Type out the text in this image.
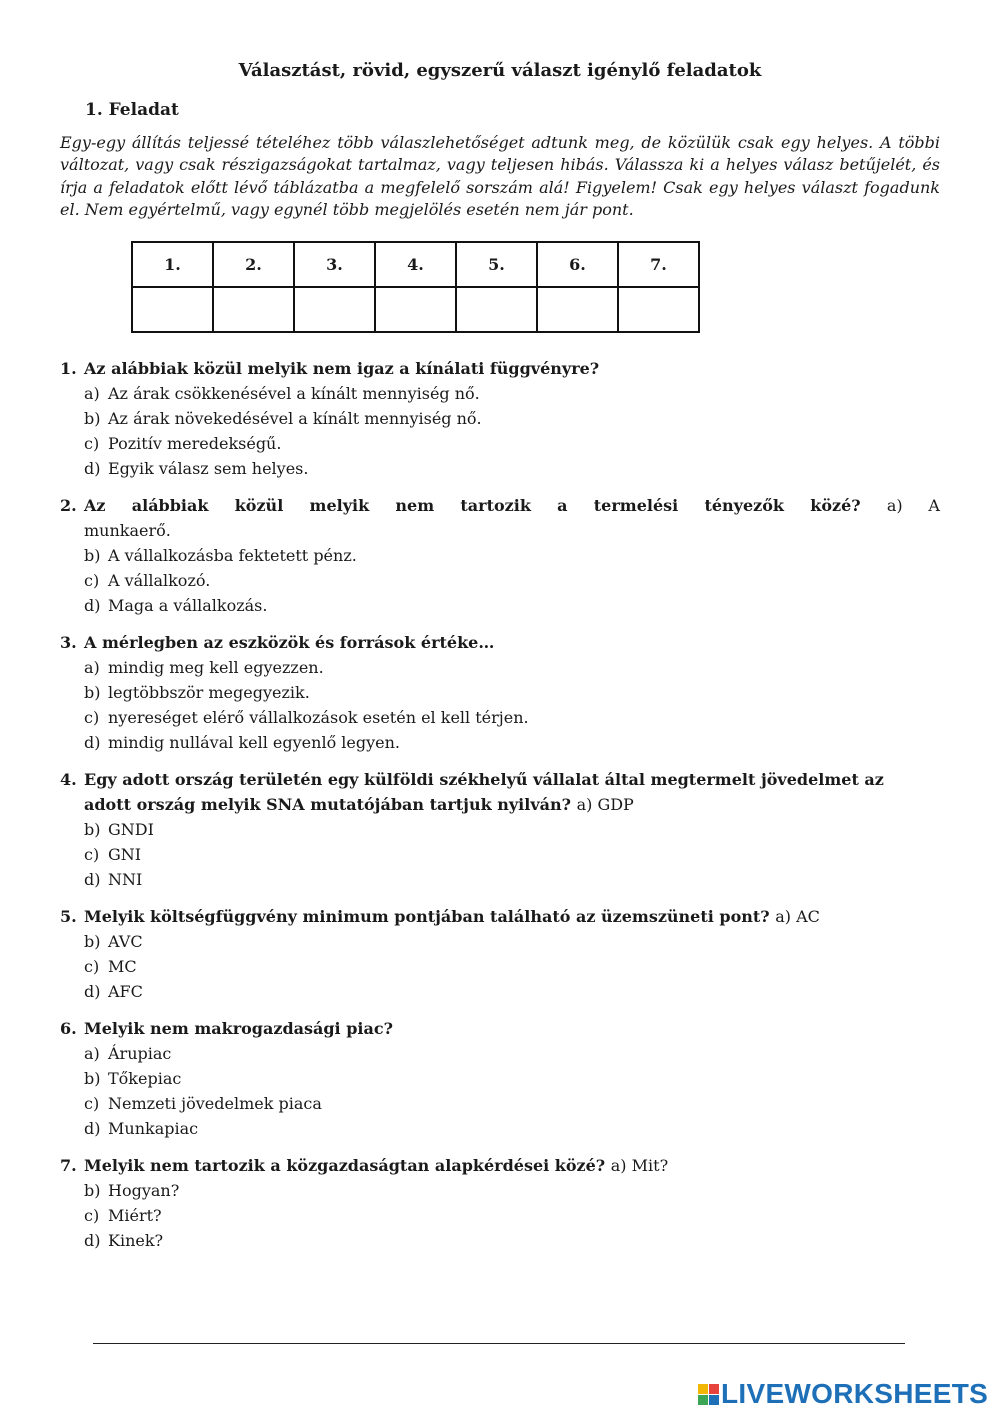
Választást, rövid, egyszerű választ igénylő feladatok
1. Feladat
Egy-egy állítás teljessé tételéhez több válaszlehetőséget adtunk meg, de közülük csak egy helyes. A többi változat, vagy csak részigazságokat tartalmaz, vagy teljesen hibás. Válassza ki a helyes válasz betűjelét, és írja a feladatok előtt lévő táblázatba a megfelelő sorszám alá! Figyelem! Csak egy helyes választ fogadunk el. Nem egyértelmű, vagy egynél több megjelölés esetén nem jár pont.
1.	2.	3.	4.	5.	6.	7.

1. Az alábbiak közül melyik nem igaz a kínálati függvényre?
a) Az árak csökkenésével a kínált mennyiség nő.
b) Az árak növekedésével a kínált mennyiség nő.
c) Pozitív meredekségű.
d) Egyik válasz sem helyes.
2. Az alábbiak közül melyik nem tartozik a termelési tényezők közé? a) A
munkaerő.
b) A vállalkozásba fektetett pénz.
c) A vállalkozó.
d) Maga a vállalkozás.
3. A mérlegben az eszközök és források értéke…
a) mindig meg kell egyezzen.
b) legtöbbször megegyezik.
c) nyereséget elérő vállalkozások esetén el kell térjen.
d) mindig nullával kell egyenlő legyen.
4. Egy adott ország területén egy külföldi székhelyű vállalat által megtermelt jövedelmet az
adott ország melyik SNA mutatójában tartjuk nyilván? a) GDP
b) GNDI
c) GNI
d) NNI
5. Melyik költségfüggvény minimum pontjában található az üzemszüneti pont? a) AC
b) AVC
c) MC
d) AFC
6. Melyik nem makrogazdasági piac?
a) Árupiac
b) Tőkepiac
c) Nemzeti jövedelmek piaca
d) Munkapiac
7. Melyik nem tartozik a közgazdaságtan alapkérdései közé? a) Mit?
b) Hogyan?
c) Miért?
d) Kinek?
LIVEWORKSHEETS
